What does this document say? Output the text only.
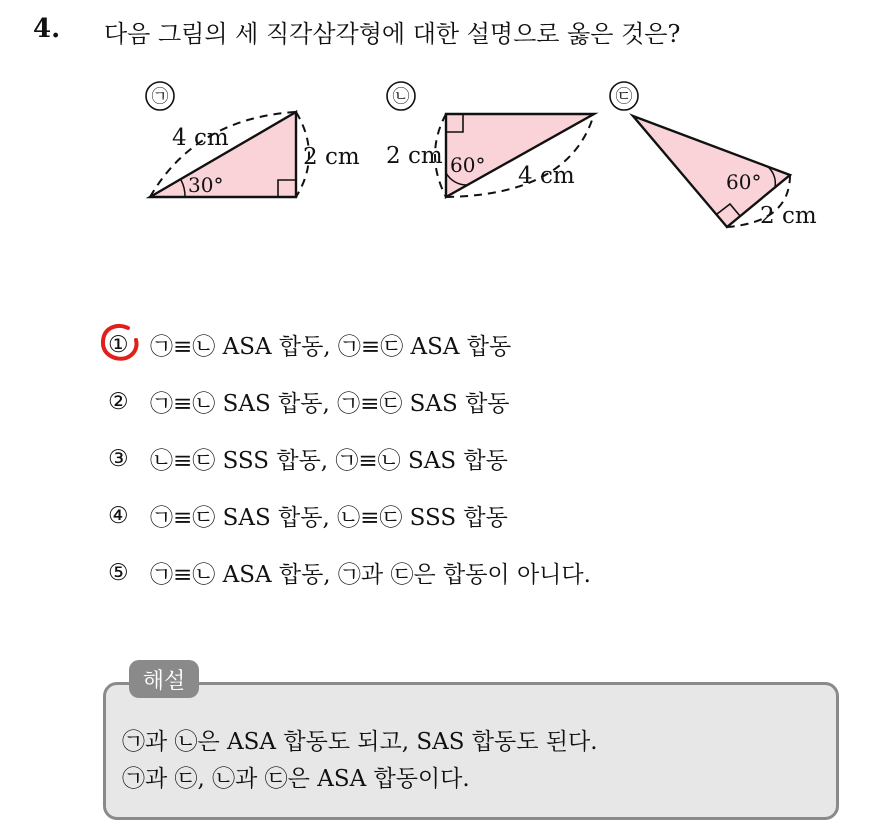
4. 다음 그림의 세 직각삼각형에 대한 설명으로 옳은 것은?
㉠
4 cm
2 cm
30°
㉡
2 cm 60° 4 cm
㉢
60°
2 cm
① ㉠≡㉡ ASA 합동, ㉠≡㉢ ASA 합동
② ㉠≡㉡ SAS 합동, ㉠≡㉢ SAS 합동
③ ㉡≡㉢ SSS 합동, ㉠≡㉡ SAS 합동
④ ㉠≡㉢ SAS 합동, ㉡≡㉢ SSS 합동
⑤ ㉠≡㉡ ASA 합동, ㉠과 ㉢은 합동이 아니다.
해설
㉠과 ㉡은 ASA 합동도 되고, SAS 합동도 된다.
㉠과 ㉢, ㉡과 ㉢은 ASA 합동이다.
